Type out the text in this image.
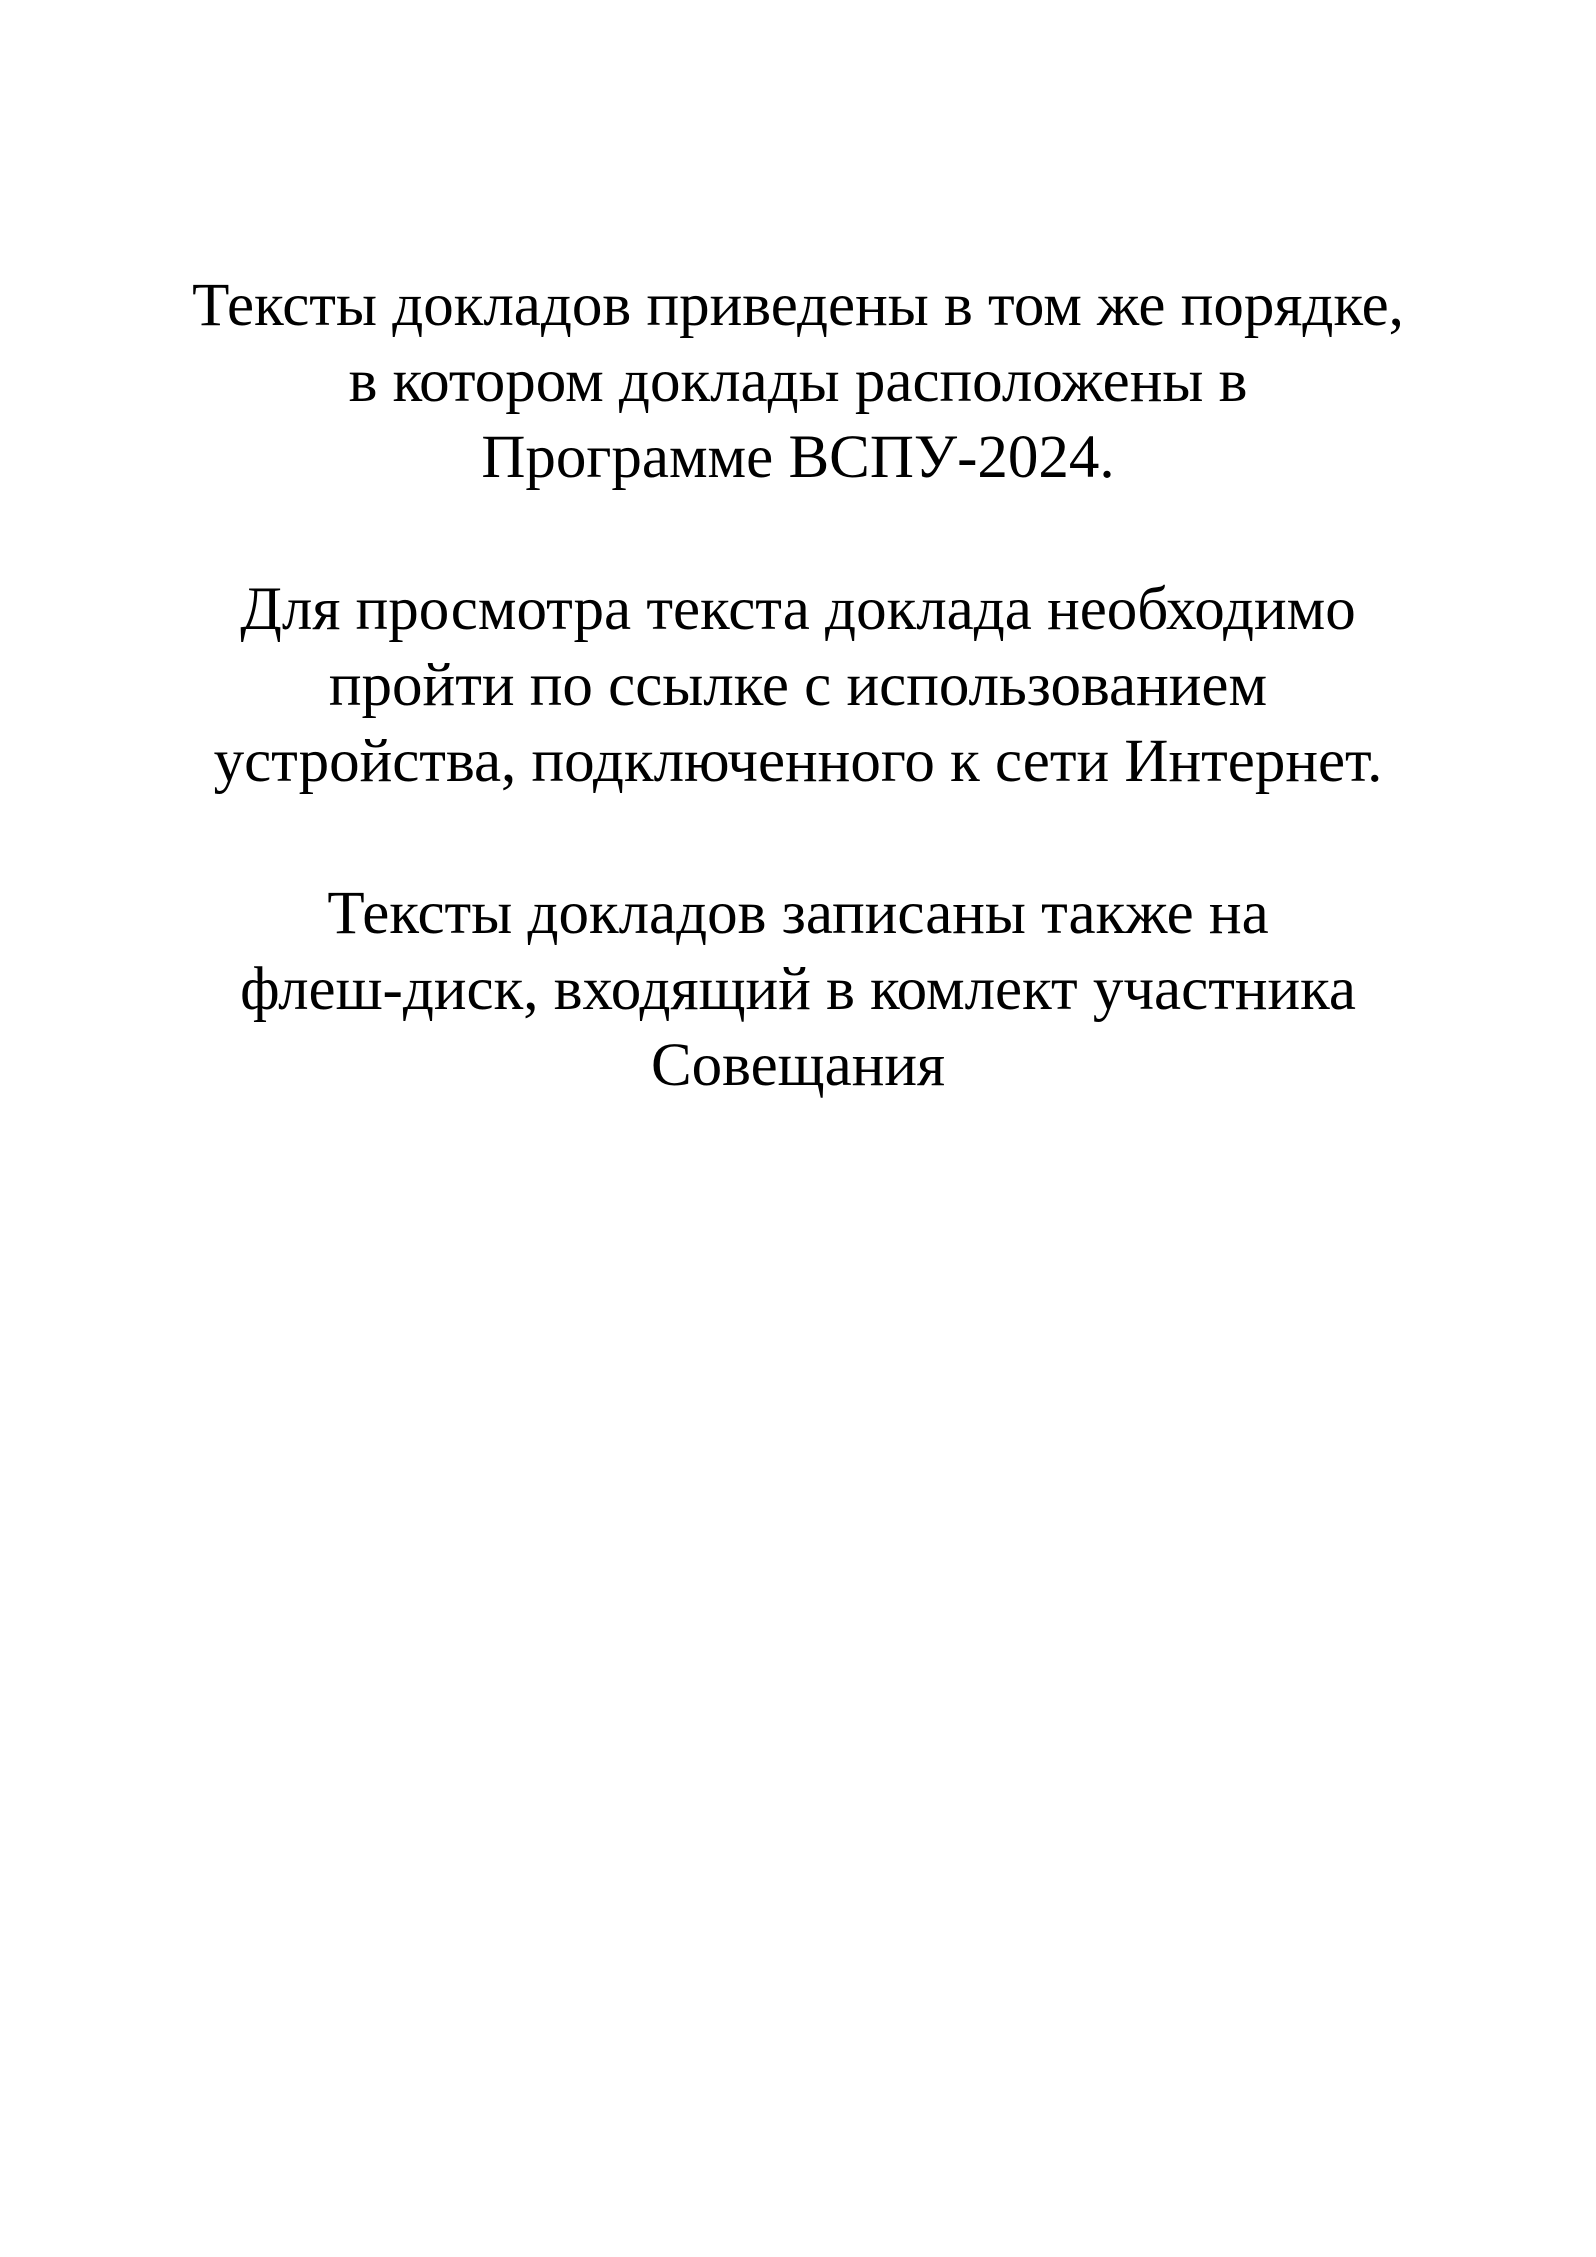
Тексты докладов приведены в том же порядке,
в котором доклады расположены в
Программе ВСПУ-2024.

Для просмотра текста доклада необходимо
пройти по ссылке с использованием
устройства, подключенного к сети Интернет.

Тексты докладов записаны также на
флеш-диск, входящий в комлект участника
Совещания
